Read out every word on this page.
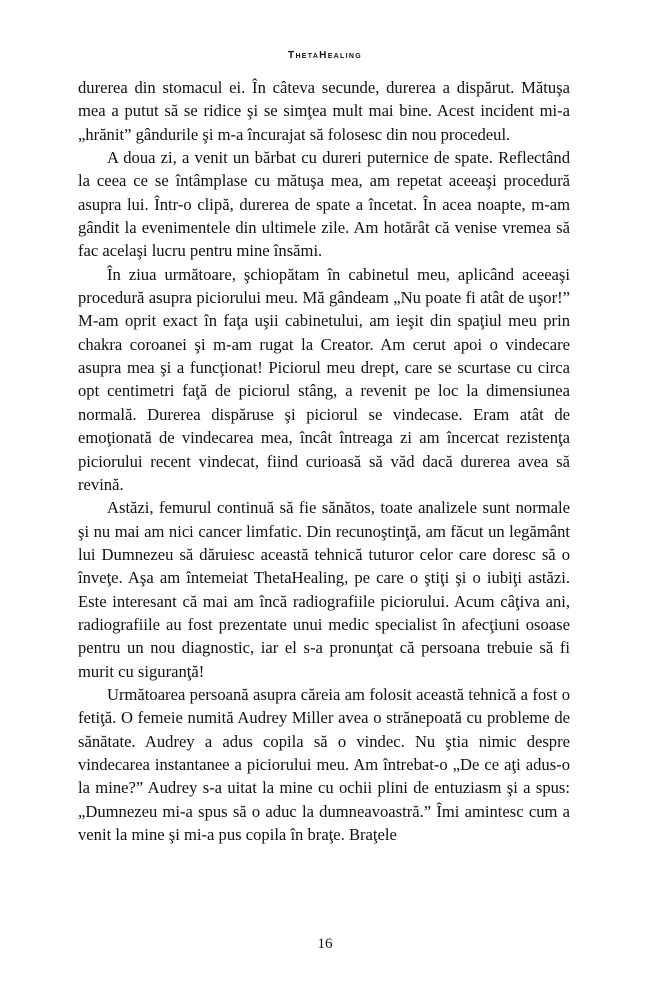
ThetaHealing

durerea din stomacul ei. În câteva secunde, durerea a dispărut. Mătuşa mea a putut să se ridice şi se simţea mult mai bine. Acest incident mi-a „hrănit” gândurile şi m-a încurajat să folosesc din nou procedeul.

A doua zi, a venit un bărbat cu dureri puternice de spate. Reflectând la ceea ce se întâmplase cu mătuşa mea, am repetat aceeaşi procedură asupra lui. Într-o clipă, durerea de spate a încetat. În acea noapte, m-am gândit la evenimentele din ultimele zile. Am hotărât că venise vremea să fac acelaşi lucru pentru mine însămi.

În ziua următoare, şchiopătam în cabinetul meu, aplicând aceeaşi procedură asupra piciorului meu. Mă gândeam „Nu poate fi atât de uşor!” M-am oprit exact în faţa uşii cabinetului, am ieşit din spaţiul meu prin chakra coroanei şi m-am rugat la Creator. Am cerut apoi o vindecare asupra mea şi a funcţionat! Piciorul meu drept, care se scurtase cu circa opt centimetri faţă de piciorul stâng, a revenit pe loc la dimensiunea normală. Durerea dispăruse şi piciorul se vindecase. Eram atât de emoţionată de vindecarea mea, încât întreaga zi am încercat rezistenţa piciorului recent vindecat, fiind curioasă să văd dacă durerea avea să revină.

Astăzi, femurul continuă să fie sănătos, toate analizele sunt normale şi nu mai am nici cancer limfatic. Din recunoştinţă, am făcut un legământ lui Dumnezeu să dăruiesc această tehnică tuturor celor care doresc să o înveţe. Aşa am întemeiat ThetaHealing, pe care o ştiţi şi o iubiţi astăzi. Este interesant că mai am încă radiografiile piciorului. Acum câţiva ani, radiografiile au fost prezentate unui medic specialist în afecţiuni osoase pentru un nou diagnostic, iar el s-a pronunţat că persoana trebuie să fi murit cu siguranţă!

Următoarea persoană asupra căreia am folosit această tehnică a fost o fetiţă. O femeie numită Audrey Miller avea o strănepoată cu probleme de sănătate. Audrey a adus copila să o vindec. Nu ştia nimic despre vindecarea instantanee a piciorului meu. Am întrebat-o „De ce aţi adus-o la mine?” Audrey s-a uitat la mine cu ochii plini de entuziasm şi a spus: „Dumnezeu mi-a spus să o aduc la dumneavoastră.” Îmi amintesc cum a venit la mine şi mi-a pus copila în braţe. Braţele

16
